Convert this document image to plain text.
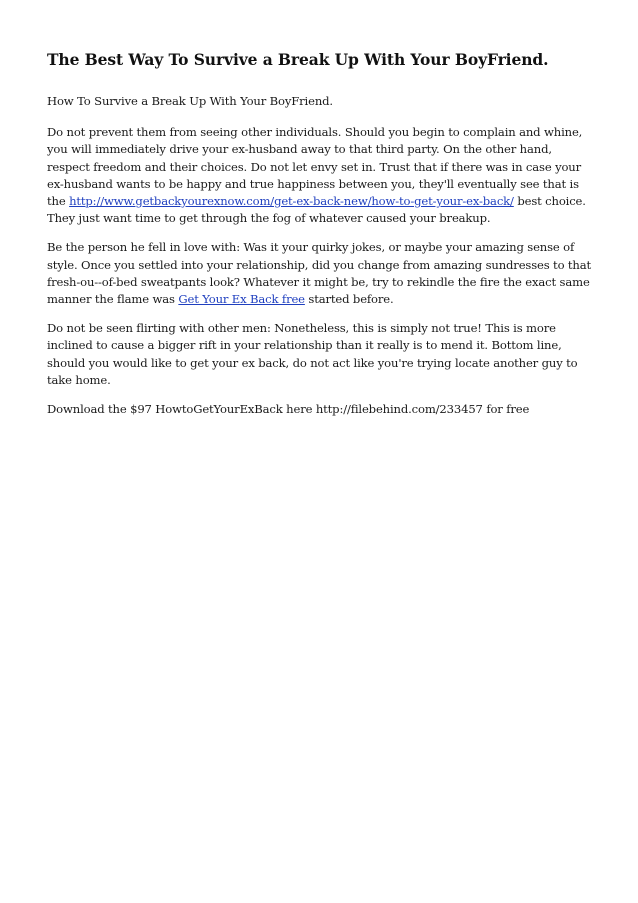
The Best Way To Survive a Break Up With Your BoyFriend.

How To Survive a Break Up With Your BoyFriend.

Do not prevent them from seeing other individuals. Should you begin to complain and whine, you will immediately drive your ex-husband away to that third party. On the other hand, respect freedom and their choices. Do not let envy set in. Trust that if there was in case your ex-husband wants to be happy and true happiness between you, they'll eventually see that is the http://www.getbackyourexnow.com/get-ex-back-new/how-to-get-your-ex-back/ best choice. They just want time to get through the fog of whatever caused your breakup.

Be the person he fell in love with: Was it your quirky jokes, or maybe your amazing sense of style. Once you settled into your relationship, did you change from amazing sundresses to that fresh-ou--of-bed sweatpants look? Whatever it might be, try to rekindle the fire the exact same manner the flame was Get Your Ex Back free started before.

Do not be seen flirting with other men: Nonetheless, this is simply not true! This is more inclined to cause a bigger rift in your relationship than it really is to mend it. Bottom line, should you would like to get your ex back, do not act like you're trying locate another guy to take home.

Download the $97 HowtoGetYourExBack here http://filebehind.com/233457 for free
